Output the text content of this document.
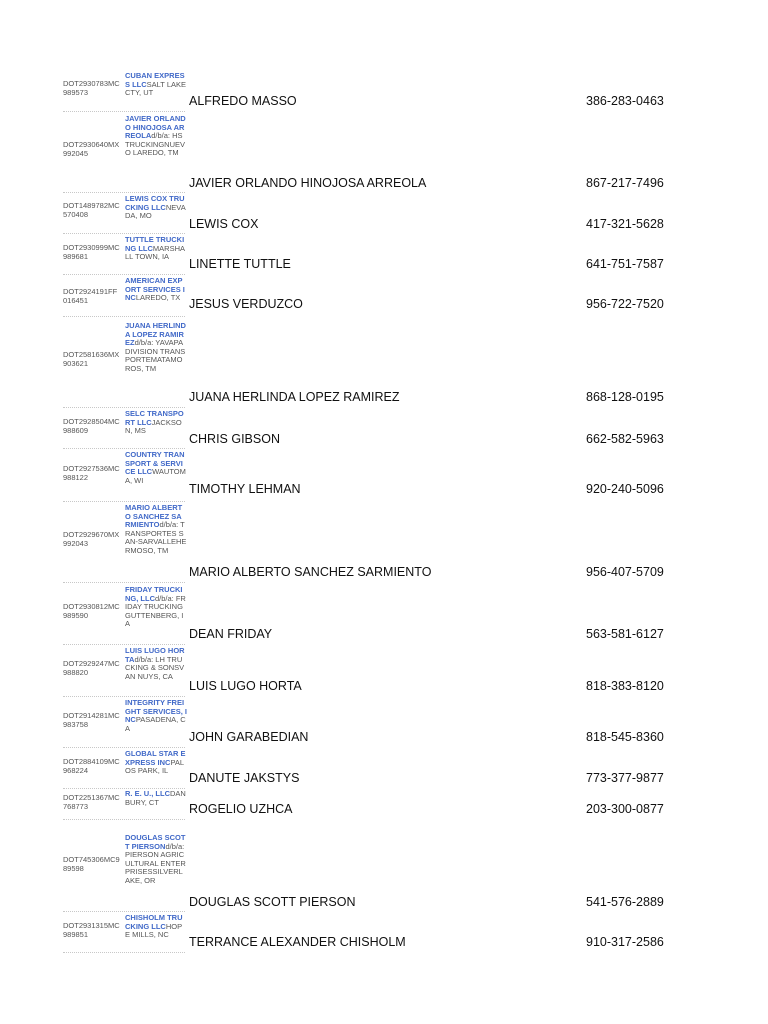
DOT2930783MC 989573
CUBAN EXPRESS LLCSALT LAKE CTY, UT
ALFREDO MASSO	386-283-0463
DOT2930640MX 992045
JAVIER ORLANDO HINOJOSA ARREOLAd/b/a: HS TRUCKINGNUEVO LAREDO, TM
JAVIER ORLANDO HINOJOSA ARREOLA	867-217-7496
DOT1489782MC 570408
LEWIS COX TRUCKING LLCNEVADA, MO
LEWIS COX	417-321-5628
DOT2930999MC 989681
TUTTLE TRUCKING LLCMARSHALL TOWN, IA
LINETTE TUTTLE	641-751-7587
DOT2924191FF 016451
AMERICAN EXPORT SERVICES INCLAREDO, TX JESUS VERDUZCO	956-722-7520
DOT2581636MX 903621
JUANA HERLINDA LOPEZ RAMIREZd/b/a: YAVAPA DIVISION TRANSPORTEMATAMOROS, TM
JUANA HERLINDA LOPEZ RAMIREZ	868-128-0195
DOT2928504MC 988609
SELC TRANSPORT LLCJACKSON, MS
CHRIS GIBSON	662-582-5963
DOT2927536MC 988122
COUNTRY TRANSPORT & SERVICE LLCWAUTOMA, WI
TIMOTHY LEHMAN	920-240-5096
DOT2929670MX 992043
MARIO ALBERTO SANCHEZ SARMIENTOd/b/a: TRANSPORTES SAN-SARVALLEHERMOSO, TM
MARIO ALBERTO SANCHEZ SARMIENTO	956-407-5709
DOT2930812MC 989590
FRIDAY TRUCKING, LLCd/b/a: FRIDAY TRUCKINGGUTTENBERG, IA
DEAN FRIDAY	563-581-6127
DOT2929247MC 988820
LUIS LUGO HORTAd/b/a: LH TRUCKING & SONSVAN NUYS, CA
LUIS LUGO HORTA	818-383-8120
DOT2914281MC 983758
INTEGRITY FREIGHT SERVICES, INCPASADENA, CA
JOHN GARABEDIAN	818-545-8360
DOT2884109MC 968224
GLOBAL STAR EXPRESS INCPALOS PARK, IL
DANUTE JAKSTYS	773-377-9877
DOT2251367MC 768773
R. E. U., LLCDANBURY, CT	ROGELIO UZHCA	203-300-0877
DOT745306MC9 89598
DOUGLAS SCOTT PIERSONd/b/a: PIERSON AGRICULTURAL ENTERPRISESSILVERLAKE, OR
DOUGLAS SCOTT PIERSON	541-576-2889
DOT2931315MC 989851
CHISHOLM TRUCKING LLCHOPE MILLS, NC
TERRANCE ALEXANDER CHISHOLM	910-317-2586
